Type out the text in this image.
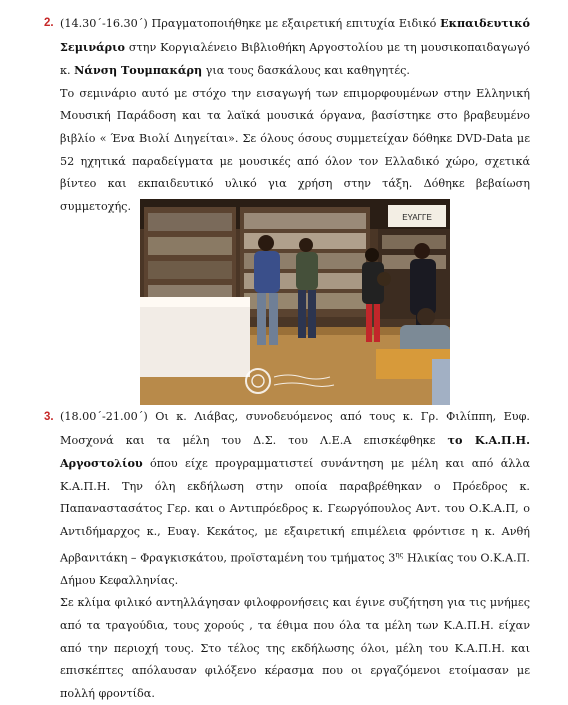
2. (14.30΄-16.30΄) Πραγματοποιήθηκε με εξαιρετική επιτυχία Ειδικό Εκπαιδευτικό Σεμινάριο στην Κοργιαλένειο Βιβλιοθήκη Αργοστολίου με τη μουσικοπαιδαγωγό κ. Νάνση Τουμπακάρη για τους δασκάλους και καθηγητές.

Το σεμινάριο αυτό με στόχο την εισαγωγή των επιμορφουμένων στην Ελληνική Μουσική Παράδοση και τα λαϊκά μουσικά όργανα, βασίστηκε στο βραβευμένο βιβλίο « Ένα Βιολί Διηγείται». Σε όλους όσους συμμετείχαν δόθηκε DVD-Data με 52 ηχητικά παραδείγματα με μουσικές από όλον τον Ελλαδικό χώρο, σχετικά βίντεο και εκπαιδευτικό υλικό για χρήση στην τάξη. Δόθηκε βεβαίωση συμμετοχής.

ΕΥΑΓΓΕ
3. (18.00΄-21.00΄) Οι κ. Λιάβας, συνοδευόμενος από τους κ. Γρ. Φιλίππη, Ευφ. Μοσχονά και τα μέλη του Δ.Σ. του Λ.Ε.Α επισκέφθηκε το Κ.Α.Π.Η. Αργοστολίου όπου είχε προγραμματιστεί συνάντηση με μέλη και από άλλα Κ.Α.Π.Η. Την όλη εκδήλωση στην οποία παραβρέθηκαν ο Πρόεδρος κ. Παπαναστασάτος Γερ. και ο Αντιπρόεδρος κ. Γεωργόπουλος Αντ. του Ο.Κ.Α.Π, ο Αντιδήμαρχος κ., Ευαγ. Κεκάτος, με εξαιρετική επιμέλεια φρόντισε η κ. Ανθή Αρβανιτάκη – Φραγκισκάτου, προϊσταμένη του τμήματος $3^{\eta\varsigma}$ Ηλικίας του Ο.Κ.Α.Π. Δήμου Κεφαλληνίας.

Σε κλίμα φιλικό αντηλλάγησαν φιλοφρονήσεις και έγινε συζήτηση για τις μνήμες από τα τραγούδια, τους χορούς , τα έθιμα που όλα τα μέλη των Κ.Α.Π.Η. είχαν από την περιοχή τους. Στο τέλος της εκδήλωσης όλοι, μέλη του Κ.Α.Π.Η. και επισκέπτες απόλαυσαν φιλόξενο κέρασμα που οι εργαζόμενοι ετοίμασαν με πολλή φροντίδα.
